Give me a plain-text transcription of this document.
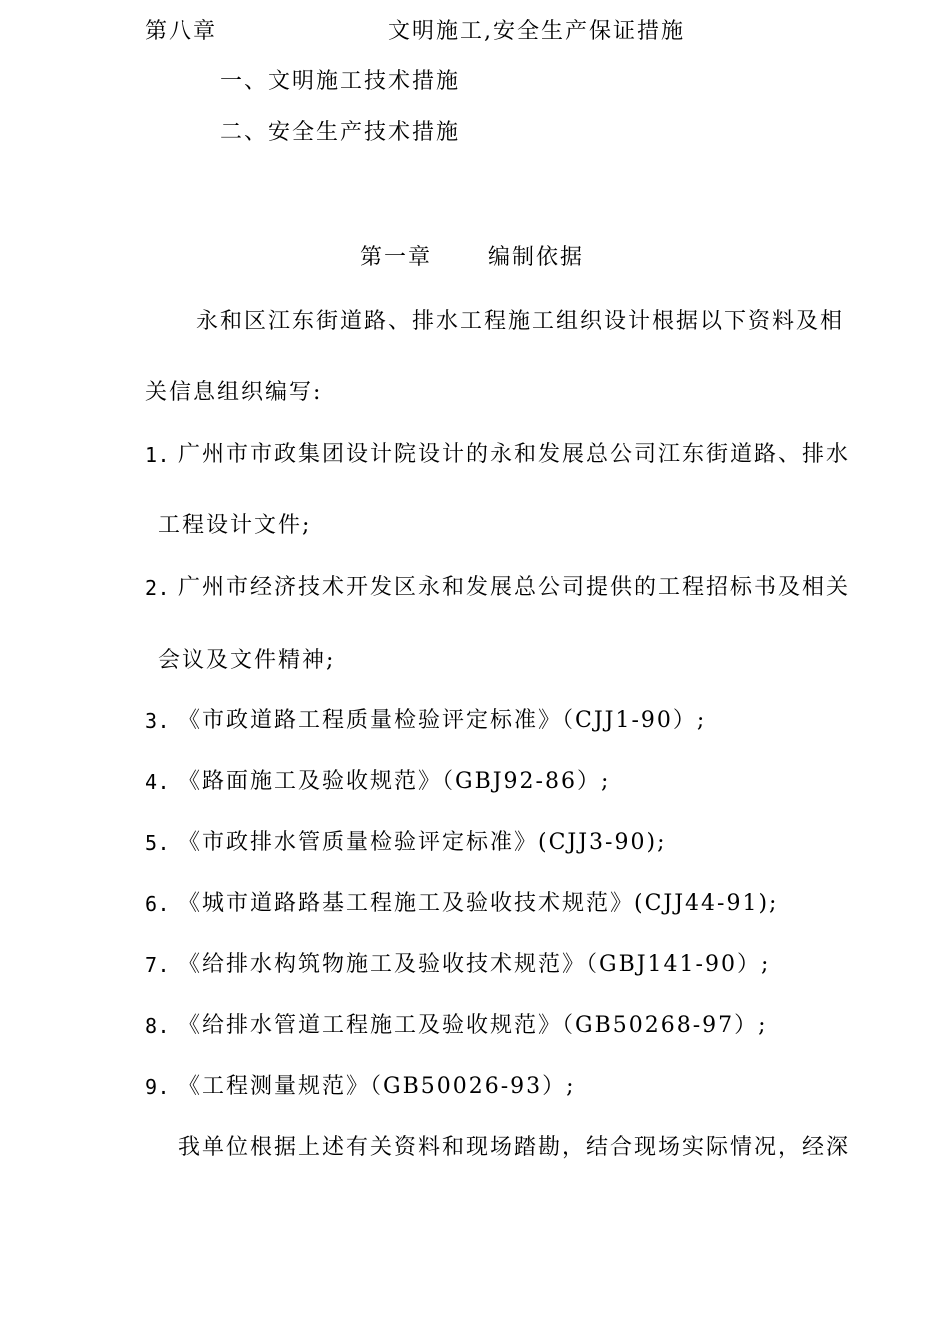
第八章	文明施工,安全生产保证措施
一、文明施工技术措施
二、安全生产技术措施
第一章	编制依据
永和区江东街道路、排水工程施工组织设计根据以下资料及相
关信息组织编写:
1. 广州市市政集团设计院设计的永和发展总公司江东街道路、排水
工程设计文件;
2. 广州市经济技术开发区永和发展总公司提供的工程招标书及相关
会议及文件精神;
3. 《市政道路工程质量检验评定标准》（CJJ1-90）;
4. 《路面施工及验收规范》（GBJ92-86）;
5. 《市政排水管质量检验评定标准》(CJJ3-90);
6. 《城市道路路基工程施工及验收技术规范》(CJJ44-91);
7. 《给排水构筑物施工及验收技术规范》（GBJ141-90）;
8. 《给排水管道工程施工及验收规范》（GB50268-97）;
9. 《工程测量规范》（GB50026-93）;
我单位根据上述有关资料和现场踏勘，结合现场实际情况，经深
